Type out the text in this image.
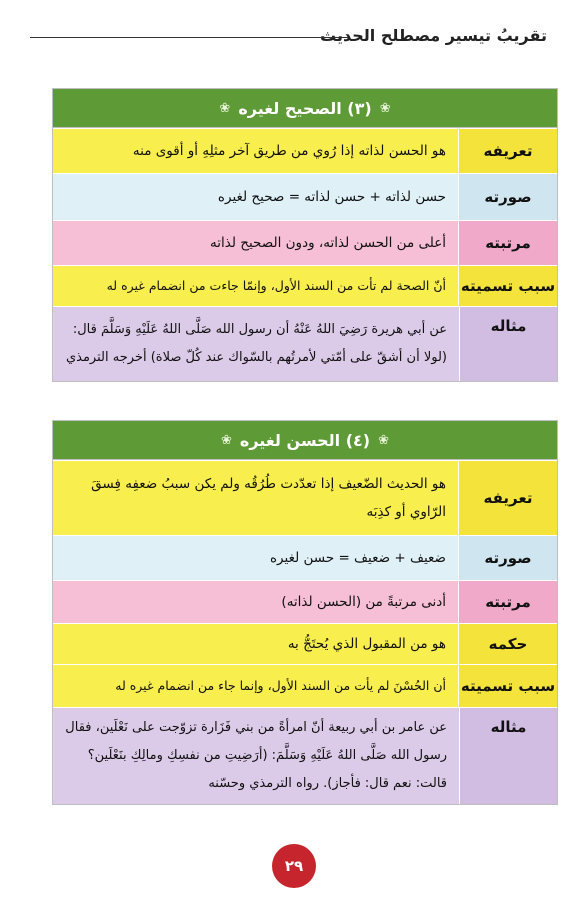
تقريبُ تيسير مصطلح الحديث
❀
(٣) الصحيح لغيره
❀
تعريفه
هو الحسن لذاته إذا رُوي من طريق آخر مثلِهِ أو أقوى منه
صورته
حسن لذاته + حسن لذاته = صحيح لغيره
مرتبته
أعلى من الحسن لذاته، ودون الصحيح لذاته
سبب تسميته
أنّ الصحة لم تأت من السند الأول، وإنمّا جاءت من انضمام غيره له
مثاله
عن أبي هريرة رَضِيَ اللهُ عَنْهُ أن رسول الله صَلَّى اللهُ عَلَيْهِ وَسَلَّمَ قال: (لولا أن أشقّ على أمّتي لأمرتُهم بالسّواك عند كُلّ صلاة) أخرجه الترمذي
❀
(٤) الحسن لغيره
❀
تعريفه
هو الحديث الضّعيف إذا تعدّدت طُرُقُه ولم يكن سببُ ضعفِه فِسقَ الرّاوي أو كذِبَه
صورته
ضعيف + ضعيف = حسن لغيره
مرتبته
أدنى مرتبةً من (الحسن لذاته)
حكمه
هو من المقبول الذي يُحتَجُّ به
سبب تسميته
أن الحُسْنَ لم يأت من السند الأول، وإنما جاء من انضمام غيره له
مثاله
عن عامر بن أبي ربيعة أنّ امرأةً من بني فَزَارة تزوّجت على نَعْلَين، فقال رسول الله صَلَّى اللهُ عَلَيْهِ وَسَلَّمَ: (أرَضِيتِ من نفسِكِ ومالِكِ بنَعْلَين؟ قالت: نعم قال: فأجاز). رواه الترمذي وحسّنه
٢٩
